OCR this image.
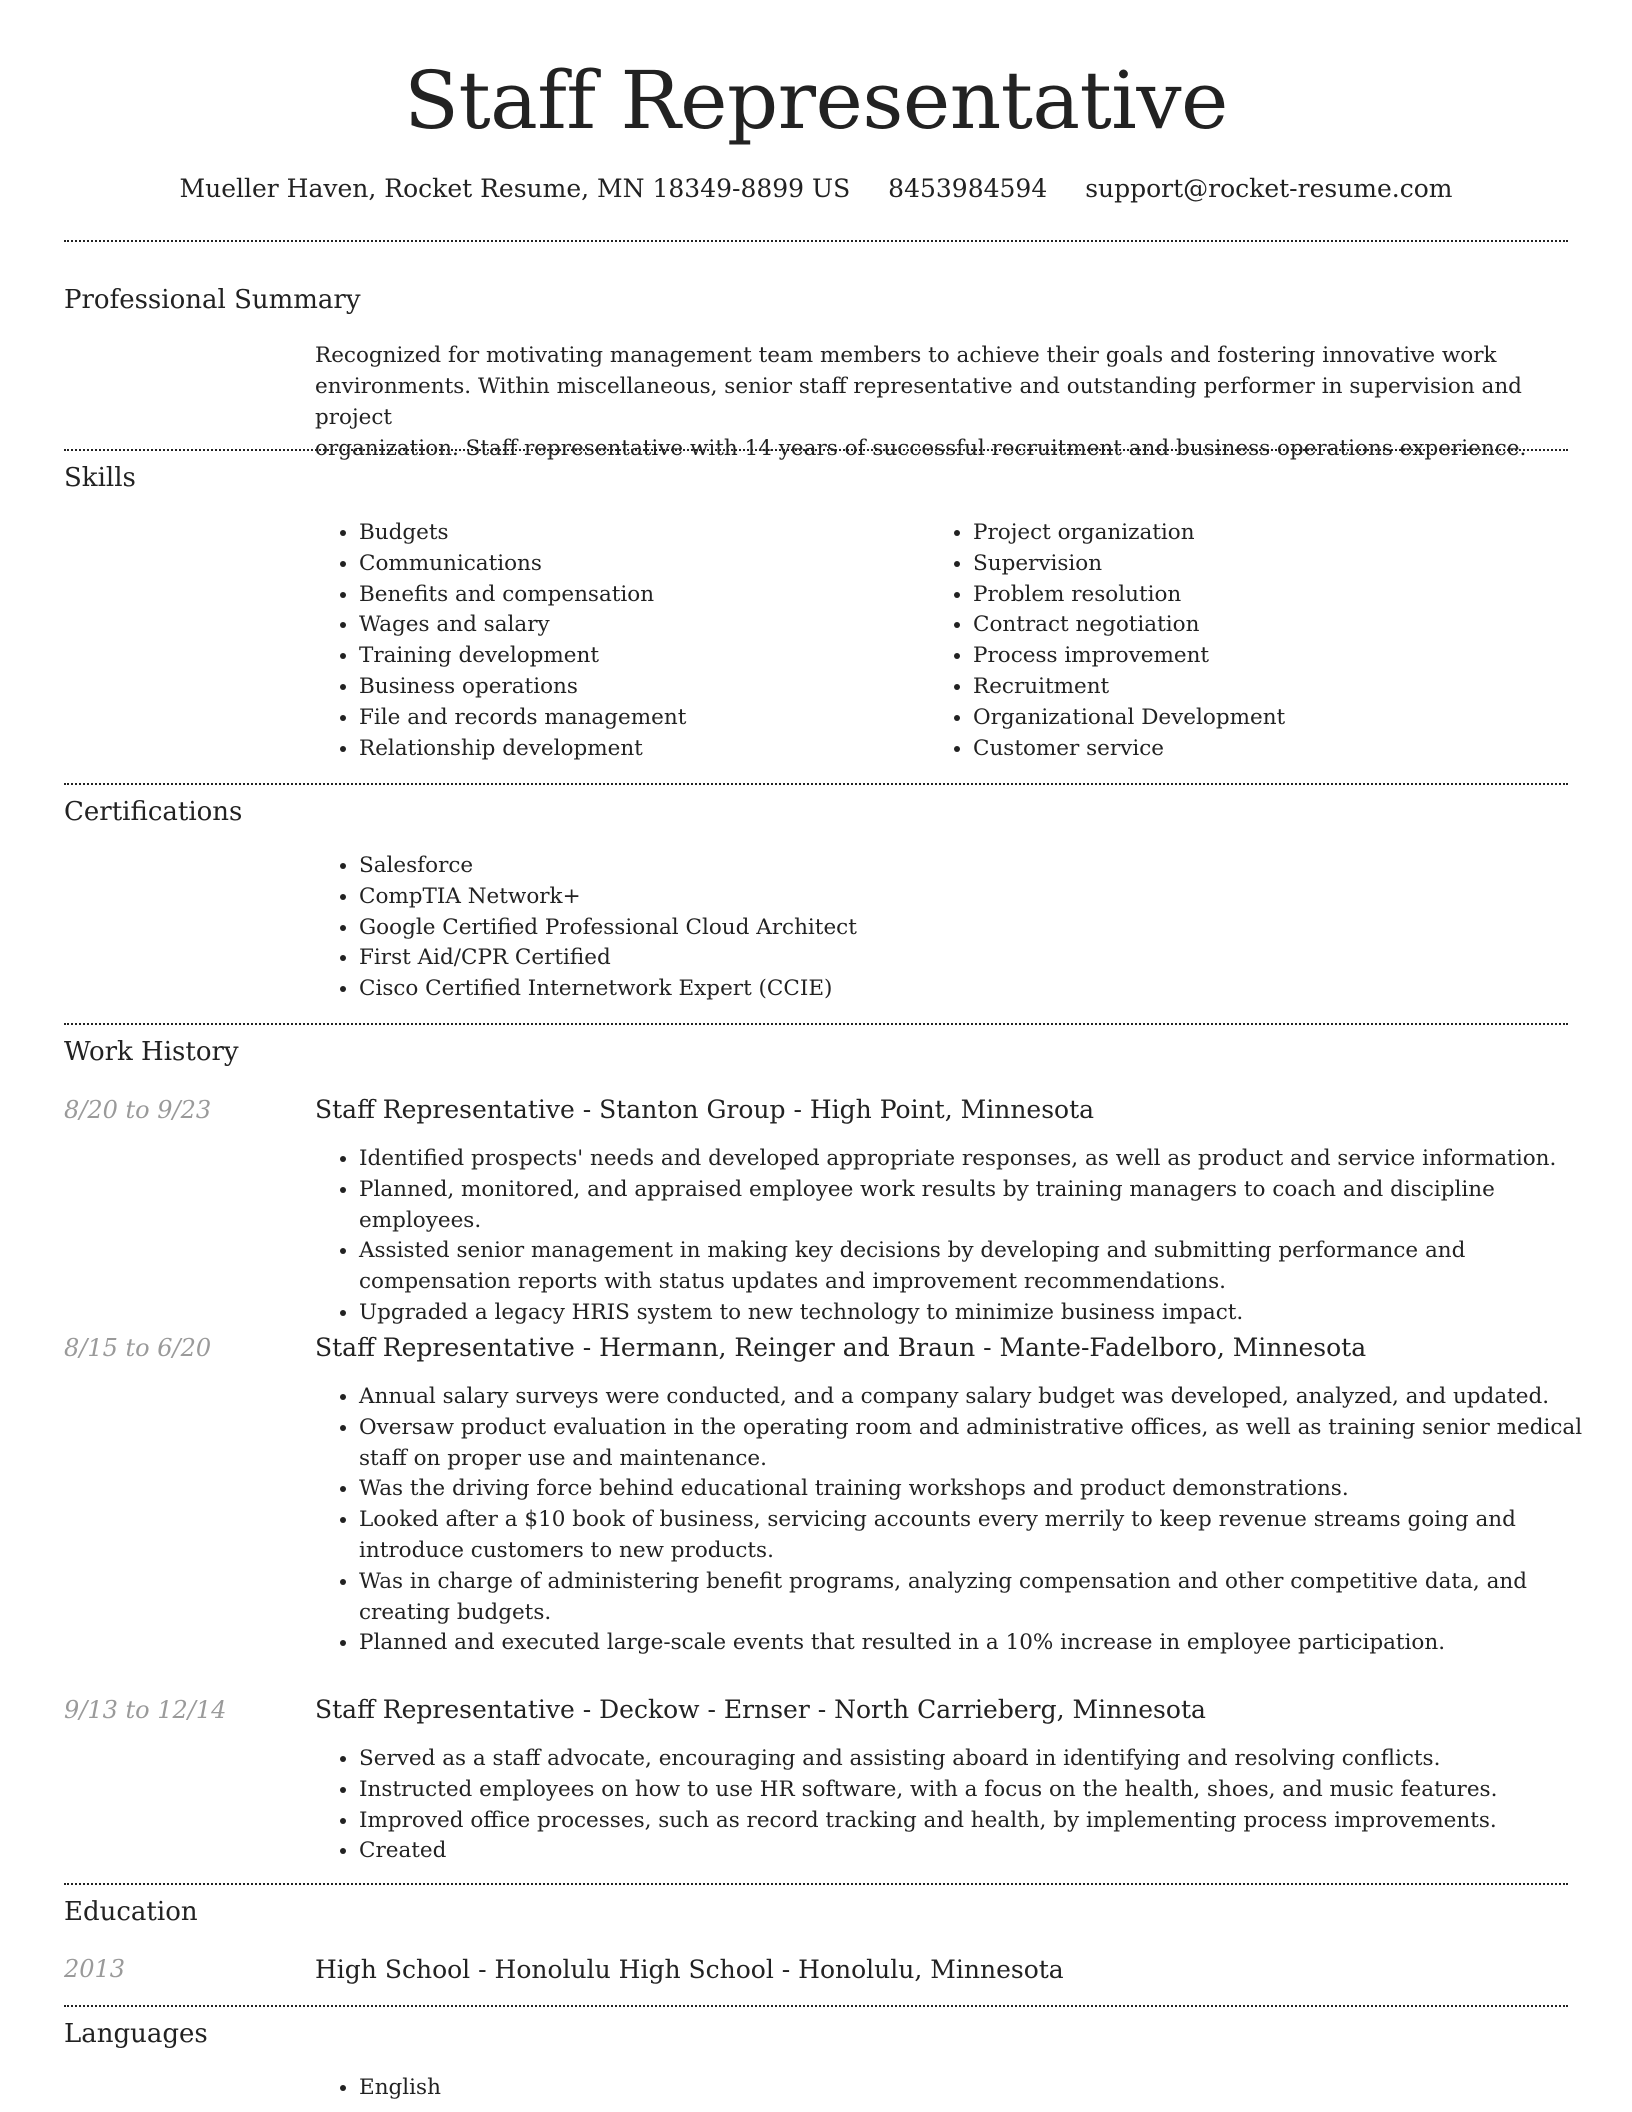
Staff Representative
Mueller Haven, Rocket Resume, MN 18349-8899 US 8453984594 support@rocket-resume.com
Professional Summary
Recognized for motivating management team members to achieve their goals and fostering innovative work
environments. Within miscellaneous, senior staff representative and outstanding performer in supervision and project
organization. Staff representative with 14 years of successful recruitment and business operations experience.
Skills
• Budgets
• Communications
• Benefits and compensation
• Wages and salary
• Training development
• Business operations
• File and records management
• Relationship development
• Project organization
• Supervision
• Problem resolution
• Contract negotiation
• Process improvement
• Recruitment
• Organizational Development
• Customer service
Certifications
• Salesforce
• CompTIA Network+
• Google Certified Professional Cloud Architect
• First Aid/CPR Certified
• Cisco Certified Internetwork Expert (CCIE)
Work History
8/20 to 9/23	Staff Representative - Stanton Group - High Point, Minnesota
• Identified prospects' needs and developed appropriate responses, as well as product and service information.
• Planned, monitored, and appraised employee work results by training managers to coach and discipline employees.
• Assisted senior management in making key decisions by developing and submitting performance and compensation reports with status updates and improvement recommendations.
• Upgraded a legacy HRIS system to new technology to minimize business impact.
8/15 to 6/20	Staff Representative - Hermann, Reinger and Braun - Mante-Fadelboro, Minnesota
• Annual salary surveys were conducted, and a company salary budget was developed, analyzed, and updated.
• Oversaw product evaluation in the operating room and administrative offices, as well as training senior medical staff on proper use and maintenance.
• Was the driving force behind educational training workshops and product demonstrations.
• Looked after a $10 book of business, servicing accounts every merrily to keep revenue streams going and introduce customers to new products.
• Was in charge of administering benefit programs, analyzing compensation and other competitive data, and creating budgets.
• Planned and executed large-scale events that resulted in a 10% increase in employee participation.
9/13 to 12/14	Staff Representative - Deckow - Ernser - North Carrieberg, Minnesota
• Served as a staff advocate, encouraging and assisting aboard in identifying and resolving conflicts.
• Instructed employees on how to use HR software, with a focus on the health, shoes, and music features.
• Improved office processes, such as record tracking and health, by implementing process improvements.
• Created
Education
2013	High School - Honolulu High School - Honolulu, Minnesota
Languages
• English
